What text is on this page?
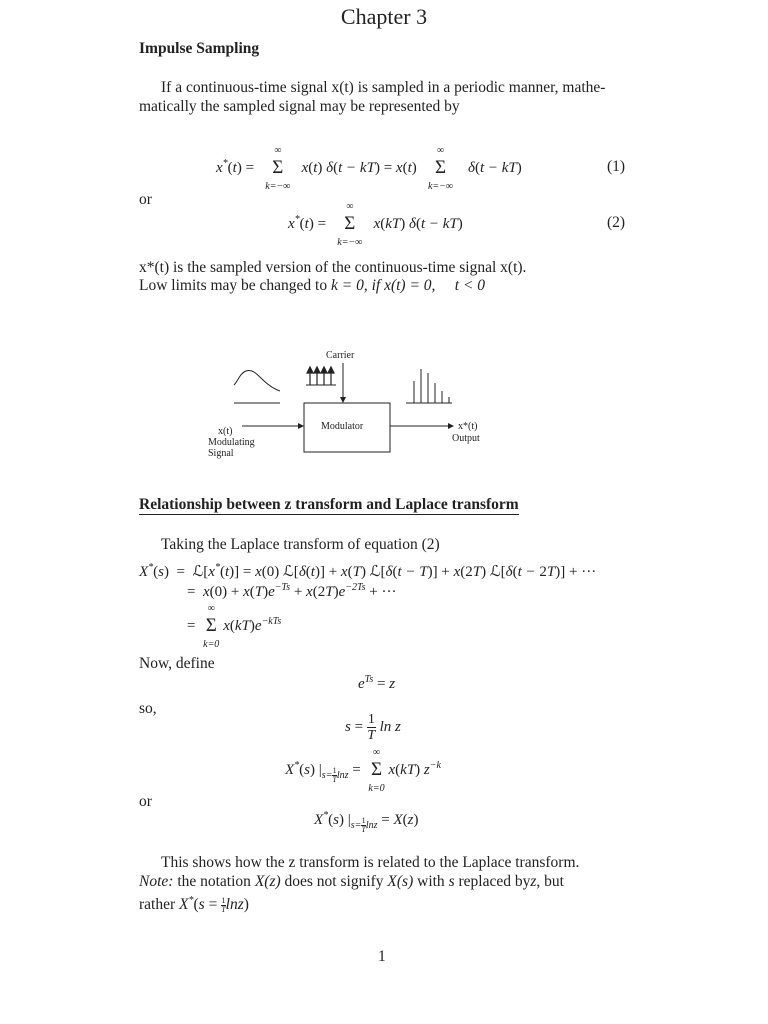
Chapter 3
Impulse Sampling
If a continuous-time signal x(t) is sampled in a periodic manner, mathe-
matically the sampled signal may be represented by
x*(t) =
∞
Σ
k=−∞
x(t) δ(t − kT) = x(t)
∞
Σ
k=−∞
δ(t − kT)	(1)
or
x*(t) =
∞
Σ
k=−∞
x(kT) δ(t − kT)	(2)
x*(t) is the sampled version of the continuous-time signal x(t).
Low limits may be changed to k = 0, if x(t) = 0,     t < 0
Carrier
Modulator
x(t)
Modulating
Signal
x*(t)
Output
Relationship between z transform and Laplace transform
Taking the Laplace transform of equation (2)
X*(s)  =  ℒ[x*(t)] = x(0) ℒ[δ(t)] + x(T) ℒ[δ(t − T)] + x(2T) ℒ[δ(t − 2T)] + ···
=  $x(0) + x(T)e^{-Ts} + x(2T)e^{-2Ts}$ + ···
=
∞
Σ
k=0
$x(kT)e^{-kTs}$
Now, define
$e^{Ts} = z$
so,
$s = \frac{1}{T}$ ln z
X*(s) $|_{s= \frac{1}{T}lnz}$ =
∞
Σ
k=0
x(kT) $z^{-k}$
or
X*(s) $|_{s= \frac{1}{T}lnz} = X(z)$
This shows how the z transform is related to the Laplace transform.
Note: the notation X(z) does not signify X(s) with s replaced byz, but
rather $X^*(s = \frac{1}{T}\ln z)$
1
